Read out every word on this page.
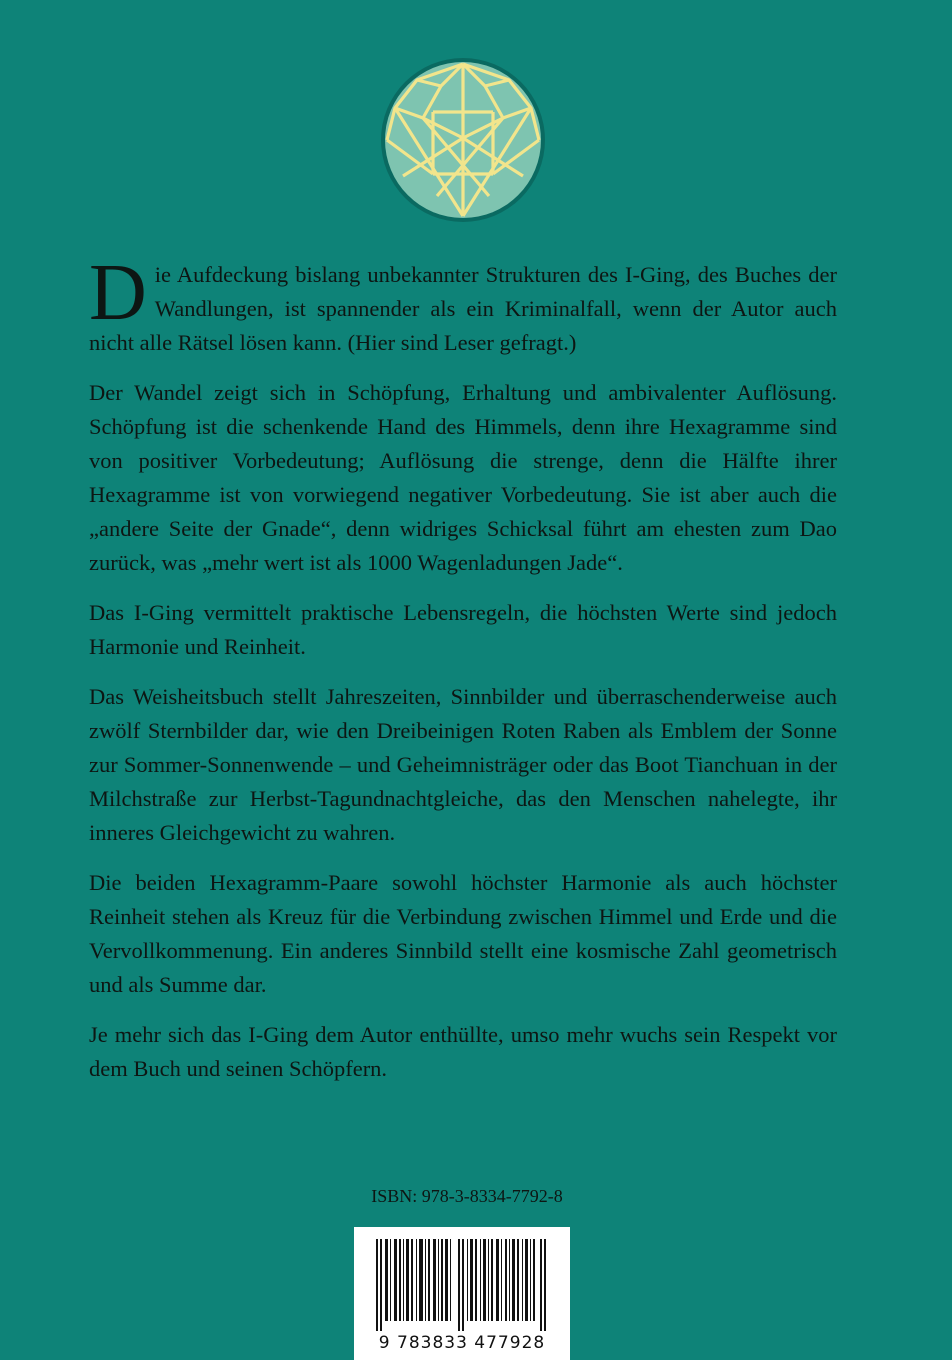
Die Aufdeckung bislang unbekannter Strukturen des I-Ging, des Buches der Wandlungen, ist spannender als ein Kriminalfall, wenn der Autor auch nicht alle Rätsel lösen kann. (Hier sind Leser gefragt.)

Der Wandel zeigt sich in Schöpfung, Erhaltung und ambivalenter Auflösung. Schöpfung ist die schenkende Hand des Himmels, denn ihre Hexagramme sind von positiver Vorbedeutung; Auflösung die strenge, denn die Hälfte ihrer Hexagramme ist von vorwiegend negativer Vorbedeutung. Sie ist aber auch die „andere Seite der Gnade“, denn widriges Schicksal führt am ehesten zum Dao zurück, was „mehr wert ist als 1000 Wagenladungen Jade“.

Das I-Ging vermittelt praktische Lebensregeln, die höchsten Werte sind jedoch Harmonie und Reinheit.

Das Weisheitsbuch stellt Jahreszeiten, Sinnbilder und überraschenderweise auch zwölf Sternbilder dar, wie den Dreibeinigen Roten Raben als Emblem der Sonne zur Sommer-Sonnenwende – und Geheimnisträger oder das Boot Tianchuan in der Milchstraße zur Herbst-Tagundnachtgleiche, das den Menschen nahelegte, ihr inneres Gleichgewicht zu wahren.

Die beiden Hexagramm-Paare sowohl höchster Harmonie als auch höchster Reinheit stehen als Kreuz für die Verbindung zwischen Himmel und Erde und die Vervollkommenung. Ein anderes Sinnbild stellt eine kosmische Zahl geometrisch und als Summe dar.

Je mehr sich das I-Ging dem Autor enthüllte, umso mehr wuchs sein Respekt vor dem Buch und seinen Schöpfern.

ISBN: 978-3-8334-7792-8
9 783833 477928
